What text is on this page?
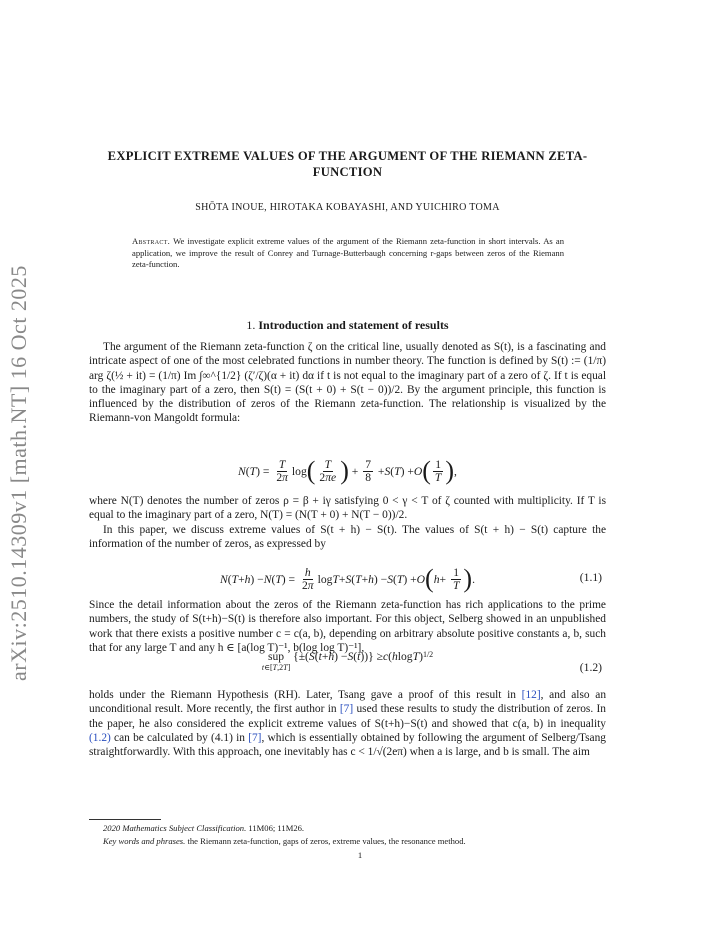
arXiv:2510.14309v1 [math.NT] 16 Oct 2025
EXPLICIT EXTREME VALUES OF THE ARGUMENT OF THE RIEMANN ZETA-FUNCTION
SHŌTA INOUE, HIROTAKA KOBAYASHI, AND YUICHIRO TOMA
Abstract. We investigate explicit extreme values of the argument of the Riemann zeta-function in short intervals. As an application, we improve the result of Conrey and Turnage-Butterbaugh concerning r-gaps between zeros of the Riemann zeta-function.
1. Introduction and statement of results
The argument of the Riemann zeta-function ζ on the critical line, usually denoted as S(t), is a fascinating and intricate aspect of one of the most celebrated functions in number theory. The function is defined by S(t) := (1/π) arg ζ(½ + it) = (1/π) Im ∫∞^{1/2} (ζ′/ζ)(α + it) dα if t is not equal to the imaginary part of a zero of ζ. If t is equal to the imaginary part of a zero, then S(t) = (S(t + 0) + S(t − 0))/2. By the argument principle, this function is influenced by the distribution of zeros of the Riemann zeta-function. The relationship is visualized by the Riemann-von Mangoldt formula:
N ( T ) = $\frac{T}{2\pi}$ log ( $\frac{T}{2\pi e}$ ) + $\frac{7}{8} + S$ ( T ) + O ( $\frac{1}{T}$ ) ,
where N(T) denotes the number of zeros ρ = β + iγ satisfying 0 < γ < T of ζ counted with multiplicity. If T is equal to the imaginary part of a zero, N(T) = (N(T + 0) + N(T − 0))/2.
In this paper, we discuss extreme values of S(t + h) − S(t). The values of S(t + h) − S(t) capture the information of the number of zeros, as expressed by
N ( T + h ) − N ( T ) = $\frac{h}{2\pi}$ log T + S ( T + h ) − S ( T ) + O ( $h + \frac{1}{T}$ ) .	(1.1)
Since the detail information about the zeros of the Riemann zeta-function has rich applications to the prime numbers, the study of S(t+h)−S(t) is therefore also important. For this object, Selberg showed in an unpublished work that there exists a positive number c = c(a, b), depending on arbitrary absolute positive constants a, b, such that for any large T and any h ∈ [a(log T)⁻¹, b(log log T)⁻¹],
sup
t∈[T,2T]
{±( S ( t + h ) − S ( t ))} ≥ c ( h log T ) 1/2
(1.2)
holds under the Riemann Hypothesis (RH). Later, Tsang gave a proof of this result in [12], and also an unconditional result. More recently, the first author in [7] used these results to study the distribution of zeros. In the paper, he also considered the explicit extreme values of S(t+h)−S(t) and showed that c(a, b) in inequality (1.2) can be calculated by (4.1) in [7], which is essentially obtained by following the argument of Selberg/Tsang straightforwardly. With this approach, one inevitably has c < 1/√(2eπ) when a is large, and b is small. The aim
2020 Mathematics Subject Classification. 11M06; 11M26.
Key words and phrases. the Riemann zeta-function, gaps of zeros, extreme values, the resonance method.
1
